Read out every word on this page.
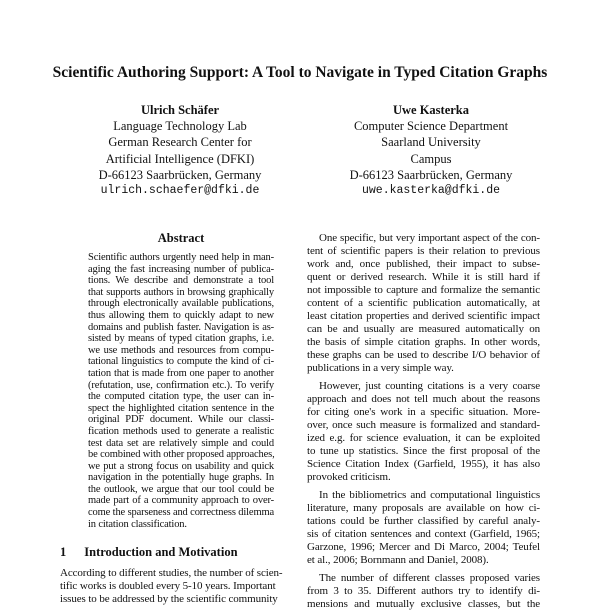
Scientific Authoring Support: A Tool to Navigate in Typed Citation Graphs
Ulrich Schäfer
Language Technology Lab
German Research Center for
Artificial Intelligence (DFKI)
D-66123 Saarbrücken, Germany
ulrich.schaefer@dfki.de
Uwe Kasterka
Computer Science Department
Saarland University
Campus
D-66123 Saarbrücken, Germany
uwe.kasterka@dfki.de
Abstract
Scientific authors urgently need help in man-
aging the fast increasing number of publica-
tions. We describe and demonstrate a tool
that supports authors in browsing graphically
through electronically available publications,
thus allowing them to quickly adapt to new
domains and publish faster. Navigation is as-
sisted by means of typed citation graphs, i.e.
we use methods and resources from compu-
tational linguistics to compute the kind of ci-
tation that is made from one paper to another
(refutation, use, confirmation etc.). To verify
the computed citation type, the user can in-
spect the highlighted citation sentence in the
original PDF document. While our classi-
fication methods used to generate a realistic
test data set are relatively simple and could
be combined with other proposed approaches,
we put a strong focus on usability and quick
navigation in the potentially huge graphs. In
the outlook, we argue that our tool could be
made part of a community approach to over-
come the sparseness and correctness dilemma
in citation classification.
1 Introduction and Motivation
According to different studies, the number of scien-
tific works is doubled every 5-10 years. Important
issues to be addressed by the scientific community
One specific, but very important aspect of the con-
tent of scientific papers is their relation to previous
work and, once published, their impact to subse-
quent or derived research. While it is still hard if
not impossible to capture and formalize the semantic
content of a scientific publication automatically, at
least citation properties and derived scientific impact
can be and usually are measured automatically on
the basis of simple citation graphs. In other words,
these graphs can be used to describe I/O behavior of
publications in a very simple way.
However, just counting citations is a very coarse
approach and does not tell much about the reasons
for citing one's work in a specific situation. More-
over, once such measure is formalized and standard-
ized e.g. for science evaluation, it can be exploited
to tune up statistics. Since the first proposal of the
Science Citation Index (Garfield, 1955), it has also
provoked criticism.
In the bibliometrics and computational linguistics
literature, many proposals are available on how ci-
tations could be further classified by careful analy-
sis of citation sentences and context (Garfield, 1965;
Garzone, 1996; Mercer and Di Marco, 2004; Teufel
et al., 2006; Bornmann and Daniel, 2008).
The number of different classes proposed varies
from 3 to 35. Different authors try to identify di-
mensions and mutually exclusive classes, but the
